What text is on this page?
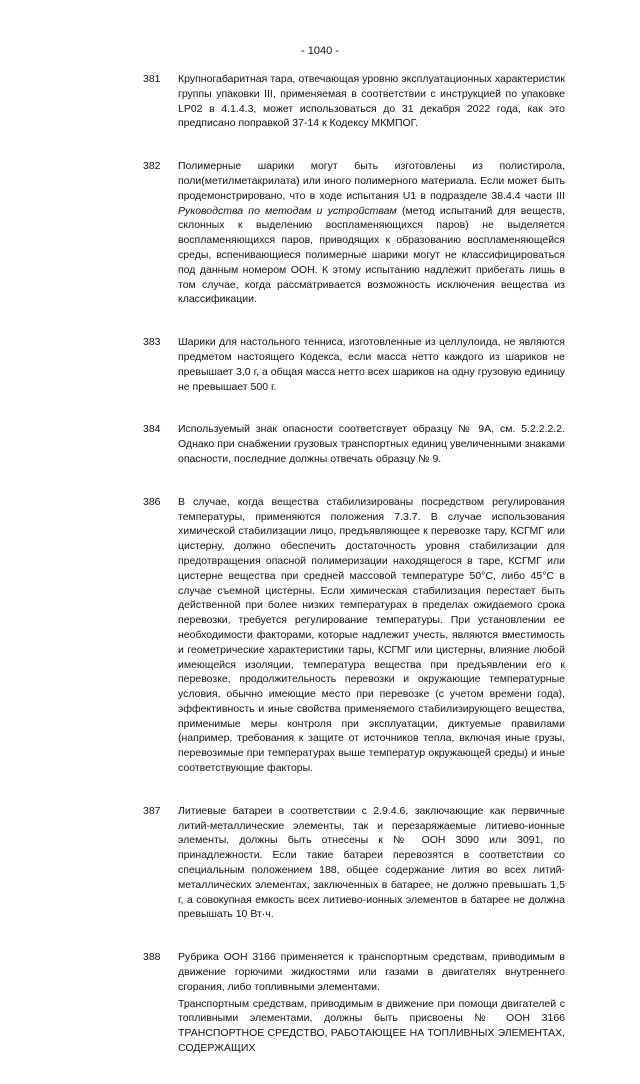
- 1040 -
381	Крупногабаритная тара, отвечающая уровню эксплуатационных характеристик группы упаковки III, применяемая в соответствии с инструкцией по упаковке LP02 в 4.1.4.3, может использоваться до 31 декабря 2022 года, как это предписано поправкой 37-14 к Кодексу МКМПОГ.

382	Полимерные шарики могут быть изготовлены из полистирола, поли(метилметакрилата) или иного полимерного материала. Если может быть продемонстрировано, что в ходе испытания U1 в подразделе 38.4.4 части III Руководства по методам и устройствам (метод испытаний для веществ, склонных к выделению воспламеняющихся паров) не выделяется воспламеняющихся паров, приводящих к образованию воспламеняющейся среды, вспенивающиеся полимерные шарики могут не классифицироваться под данным номером ООН. К этому испытанию надлежит прибегать лишь в том случае, когда рассматривается возможность исключения вещества из классификации.

383	Шарики для настольного тенниса, изготовленные из целлулоида, не являются предметом настоящего Кодекса, если масса нетто каждого из шариков не превышает 3,0 г, а общая масса нетто всех шариков на одну грузовую единицу не превышает 500 г.

384	Используемый знак опасности соответствует образцу № 9А, см. 5.2.2.2.2. Однако при снабжении грузовых транспортных единиц увеличенными знаками опасности, последние должны отвечать образцу № 9.

386	В случае, когда вещества стабилизированы посредством регулирования температуры, применяются положения 7.3.7. В случае использования химической стабилизации лицо, предъявляющее к перевозке тару, КСГМГ или цистерну, должно обеспечить достаточность уровня стабилизации для предотвращения опасной полимеризации находящегося в таре, КСГМГ или цистерне вещества при средней массовой температуре 50°С, либо 45°С в случае съемной цистерны. Если химическая стабилизация перестает быть действенной при более низких температурах в пределах ожидаемого срока перевозки, требуется регулирование температуры. При установлении ее необходимости факторами, которые надлежит учесть, являются вместимость и геометрические характеристики тары, КСГМГ или цистерны, влияние любой имеющейся изоляции, температура вещества при предъявлении его к перевозке, продолжительность перевозки и окружающие температурные условия, обычно имеющие место при перевозке (с учетом времени года), эффективность и иные свойства применяемого стабилизирующего вещества, применимые меры контроля при эксплуатации, диктуемые правилами (например, требования к защите от источников тепла, включая иные грузы, перевозимые при температурах выше температур окружающей среды) и иные соответствующие факторы.

387	Литиевые батареи в соответствии с 2.9.4.6, заключающие как первичные литий-металлические элементы, так и перезаряжаемые литиево-ионные элементы, должны быть отнесены к № ООН 3090 или 3091, по принадлежности. Если такие батареи перевозятся в соответствии со специальным положением 188, общее содержание лития во всех литий-металлических элементах, заключенных в батарее, не должно превышать 1,5 г, а совокупная емкость всех литиево-ионных элементов в батарее не должна превышать 10 Вт·ч.

388	Рубрика ООН 3166 применяется к транспортным средствам, приводимым в движение горючими жидкостями или газами в двигателях внутреннего сгорания, либо топливными элементами.

Транспортным средствам, приводимым в движение при помощи двигателей с топливными элементами, должны быть присвоены № ООН 3166 ТРАНСПОРТНОЕ СРЕДСТВО, РАБОТАЮЩЕЕ НА ТОПЛИВНЫХ ЭЛЕМЕНТАХ, СОДЕРЖАЩИХ
